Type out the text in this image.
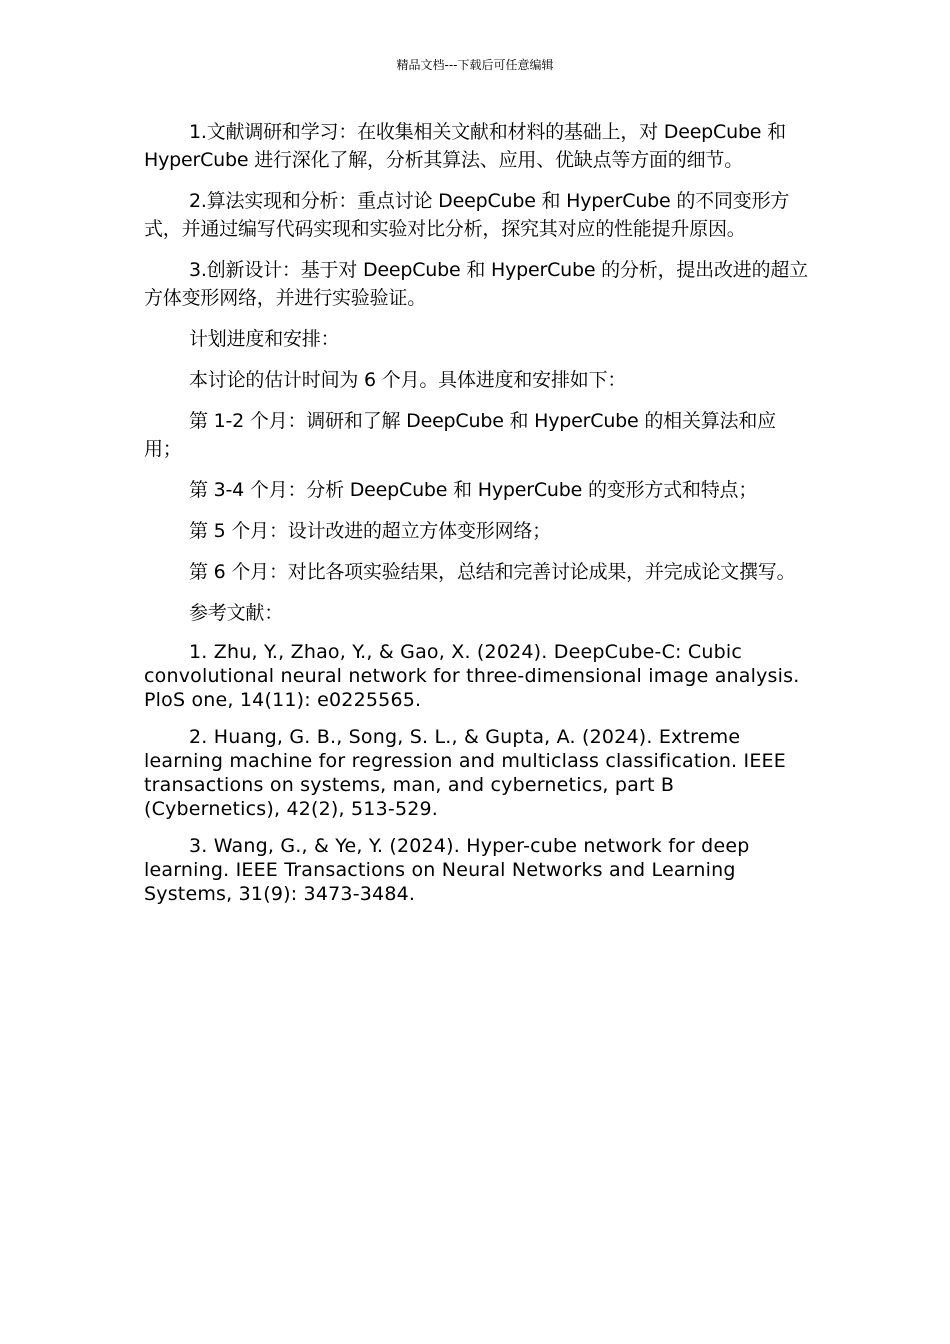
精品文档---下载后可任意编辑

1.文献调研和学习：在收集相关文献和材料的基础上，对 DeepCube 和 HyperCube 进行深化了解，分析其算法、应用、优缺点等方面的细节。

2.算法实现和分析：重点讨论 DeepCube 和 HyperCube 的不同变形方式，并通过编写代码实现和实验对比分析，探究其对应的性能提升原因。

3.创新设计：基于对 DeepCube 和 HyperCube 的分析，提出改进的超立方体变形网络，并进行实验验证。

计划进度和安排：

本讨论的估计时间为 6 个月。具体进度和安排如下：

第 1-2 个月：调研和了解 DeepCube 和 HyperCube 的相关算法和应用；

第 3-4 个月：分析 DeepCube 和 HyperCube 的变形方式和特点；

第 5 个月：设计改进的超立方体变形网络；

第 6 个月：对比各项实验结果，总结和完善讨论成果，并完成论文撰写。

参考文献：

1. Zhu, Y., Zhao, Y., & Gao, X. (2024). DeepCube-C: Cubic convolutional neural network for three-dimensional image analysis. PloS one, 14(11): e0225565.

2. Huang, G. B., Song, S. L., & Gupta, A. (2024). Extreme learning machine for regression and multiclass classification. IEEE transactions on systems, man, and cybernetics, part B (Cybernetics), 42(2), 513-529.

3. Wang, G., & Ye, Y. (2024). Hyper-cube network for deep learning. IEEE Transactions on Neural Networks and Learning Systems, 31(9): 3473-3484.
